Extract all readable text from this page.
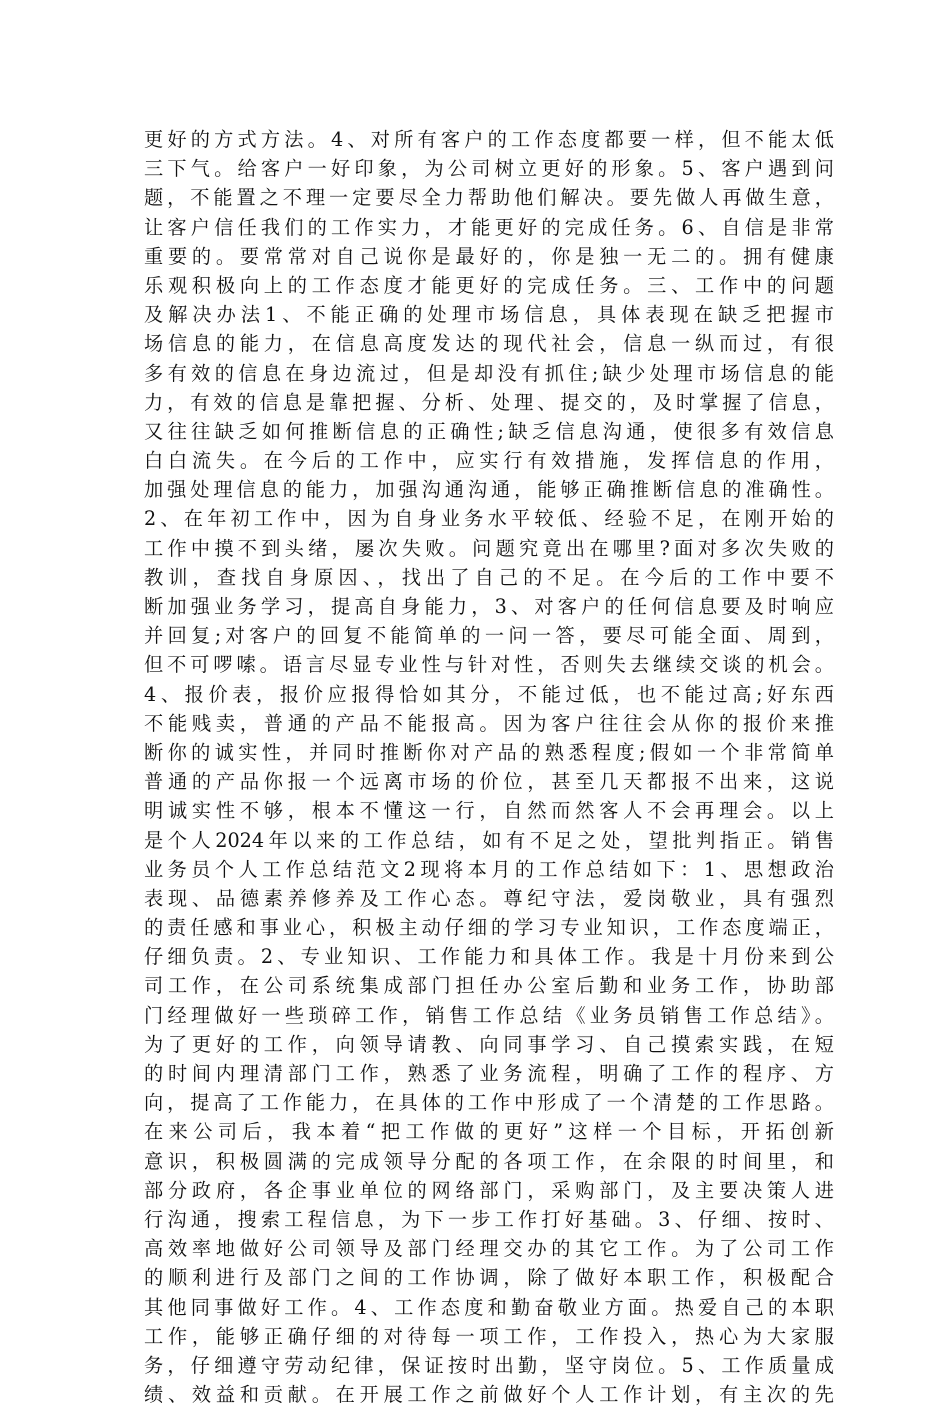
更好的方式方法。4、对所有客户的工作态度都要一样，但不能太低
三下气。给客户一好印象，为公司树立更好的形象。5、客户遇到问
题，不能置之不理一定要尽全力帮助他们解决。要先做人再做生意，
让客户信任我们的工作实力，才能更好的完成任务。6、自信是非常
重要的。要常常对自己说你是最好的，你是独一无二的。拥有健康
乐观积极向上的工作态度才能更好的完成任务。三、工作中的问题
及解决办法1、不能正确的处理市场信息，具体表现在缺乏把握市
场信息的能力，在信息高度发达的现代社会，信息一纵而过，有很
多有效的信息在身边流过，但是却没有抓住;缺少处理市场信息的能
力，有效的信息是靠把握、分析、处理、提交的，及时掌握了信息，
又往往缺乏如何推断信息的正确性;缺乏信息沟通，使很多有效信息
白白流失。在今后的工作中，应实行有效措施，发挥信息的作用，
加强处理信息的能力，加强沟通沟通，能够正确推断信息的准确性。
2、在年初工作中，因为自身业务水平较低、经验不足，在刚开始的
工作中摸不到头绪，屡次失败。问题究竟出在哪里?面对多次失败的
教训，查找自身原因、，找出了自己的不足。在今后的工作中要不
断加强业务学习，提高自身能力，3、对客户的任何信息要及时响应
并回复;对客户的回复不能简单的一问一答，要尽可能全面、周到，
但不可啰嗦。语言尽显专业性与针对性，否则失去继续交谈的机会。
4、报价表，报价应报得恰如其分，不能过低，也不能过高;好东西
不能贱卖，普通的产品不能报高。因为客户往往会从你的报价来推
断你的诚实性，并同时推断你对产品的熟悉程度;假如一个非常简单
普通的产品你报一个远离市场的价位，甚至几天都报不出来，这说
明诚实性不够，根本不懂这一行，自然而然客人不会再理会。以上
是个人2024年以来的工作总结，如有不足之处，望批判指正。销售
业务员个人工作总结范文2现将本月的工作总结如下：1、思想政治
表现、品德素养修养及工作心态。尊纪守法，爱岗敬业，具有强烈
的责任感和事业心，积极主动仔细的学习专业知识，工作态度端正，
仔细负责。2、专业知识、工作能力和具体工作。我是十月份来到公
司工作，在公司系统集成部门担任办公室后勤和业务工作，协助部
门经理做好一些琐碎工作，销售工作总结《业务员销售工作总结》。
为了更好的工作，向领导请教、向同事学习、自己摸索实践，在短
的时间内理清部门工作，熟悉了业务流程，明确了工作的程序、方
向，提高了工作能力，在具体的工作中形成了一个清楚的工作思路。
在来公司后，我本着“把工作做的更好”这样一个目标，开拓创新
意识，积极圆满的完成领导分配的各项工作，在余限的时间里，和
部分政府，各企事业单位的网络部门，采购部门，及主要决策人进
行沟通，搜索工程信息，为下一步工作打好基础。3、仔细、按时、
高效率地做好公司领导及部门经理交办的其它工作。为了公司工作
的顺利进行及部门之间的工作协调，除了做好本职工作，积极配合
其他同事做好工作。4、工作态度和勤奋敬业方面。热爱自己的本职
工作，能够正确仔细的对待每一项工作，工作投入，热心为大家服
务，仔细遵守劳动纪律，保证按时出勤，坚守岗位。5、工作质量成
绩、效益和贡献。在开展工作之前做好个人工作计划，有主次的先
